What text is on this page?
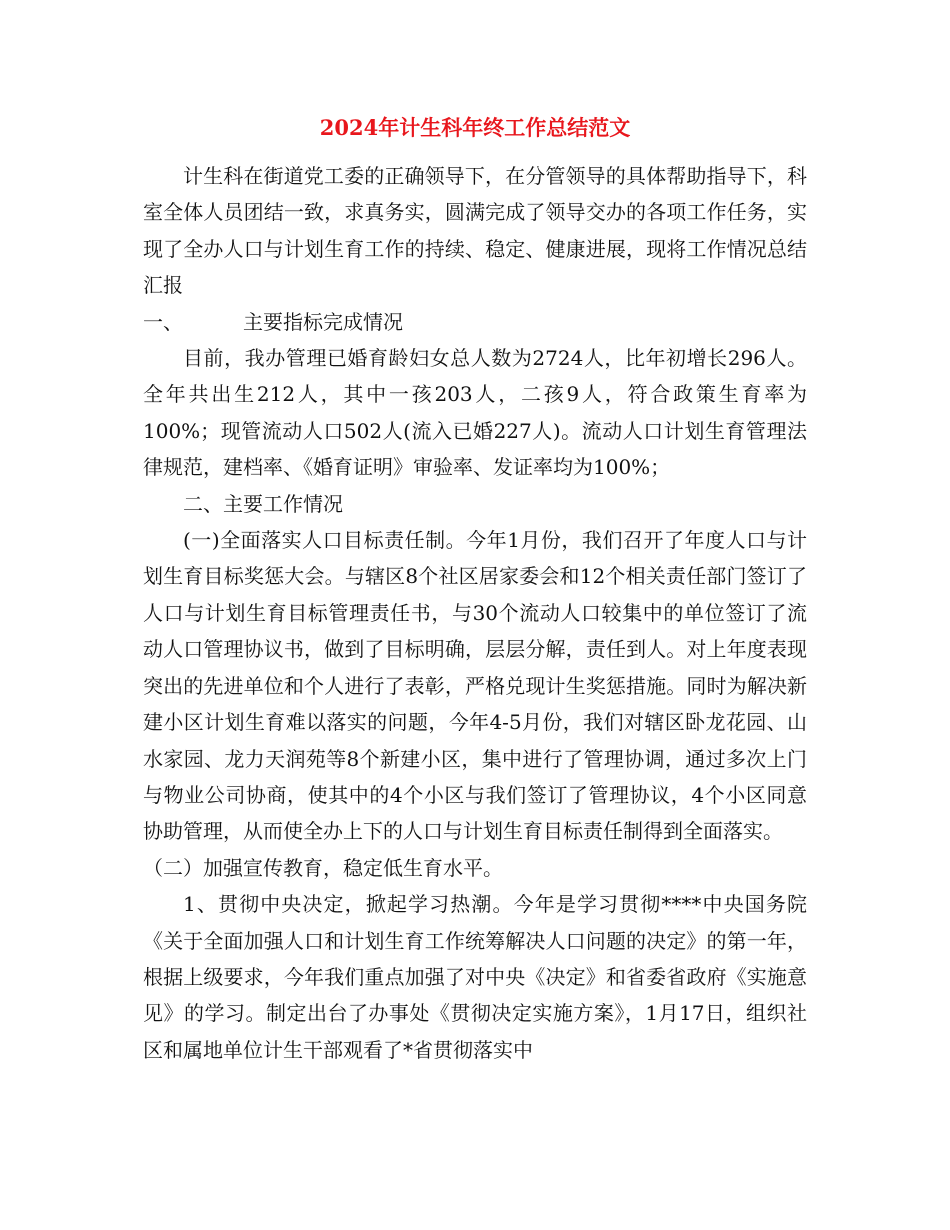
2024年计生科年终工作总结范文

计生科在街道党工委的正确领导下，在分管领导的具体帮助指导下，科室全体人员团结一致，求真务实，圆满完成了领导交办的各项工作任务，实现了全办人口与计划生育工作的持续、稳定、健康进展，现将工作情况总结汇报

一、	主要指标完成情况

目前，我办管理已婚育龄妇女总人数为2724人，比年初增长296人。全年共出生212人，其中一孩203人，二孩9人，符合政策生育率为100%；现管流动人口502人(流入已婚227人)。流动人口计划生育管理法律规范，建档率、《婚育证明》审验率、发证率均为100%；

二、主要工作情况

(一)全面落实人口目标责任制。今年1月份，我们召开了年度人口与计划生育目标奖惩大会。与辖区8个社区居家委会和12个相关责任部门签订了人口与计划生育目标管理责任书，与30个流动人口较集中的单位签订了流动人口管理协议书，做到了目标明确，层层分解，责任到人。对上年度表现突出的先进单位和个人进行了表彰，严格兑现计生奖惩措施。同时为解决新建小区计划生育难以落实的问题，今年4-5月份，我们对辖区卧龙花园、山水家园、龙力天润苑等8个新建小区，集中进行了管理协调，通过多次上门与物业公司协商，使其中的4个小区与我们签订了管理协议，4个小区同意协助管理，从而使全办上下的人口与计划生育目标责任制得到全面落实。

（二）加强宣传教育，稳定低生育水平。

1、贯彻中央决定，掀起学习热潮。今年是学习贯彻****中央国务院《关于全面加强人口和计划生育工作统筹解决人口问题的决定》的第一年，根据上级要求，今年我们重点加强了对中央《决定》和省委省政府《实施意见》的学习。制定出台了办事处《贯彻决定实施方案》，1月17日，组织社区和属地单位计生干部观看了*省贯彻落实中
